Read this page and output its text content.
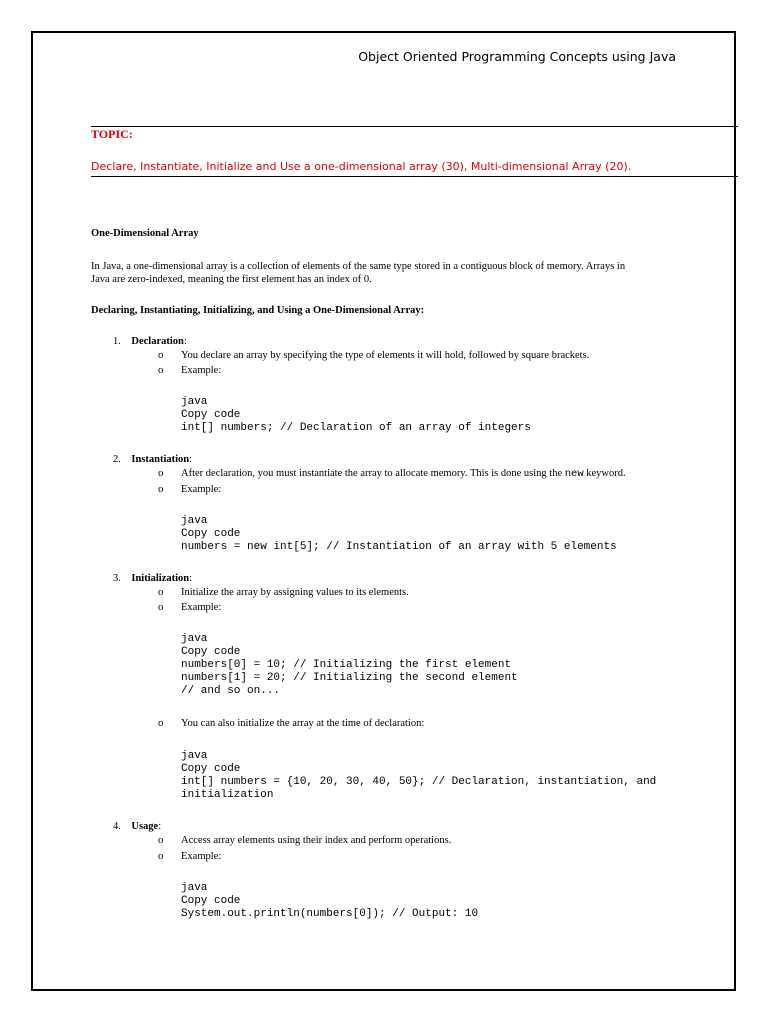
Object Oriented Programming Concepts using Java
TOPIC:
Declare, Instantiate, Initialize and Use a one-dimensional array (30), Multi-dimensional Array (20).
One-Dimensional Array
In Java, a one-dimensional array is a collection of elements of the same type stored in a contiguous block of memory. Arrays in
Java are zero-indexed, meaning the first element has an index of 0.
Declaring, Instantiating, Initializing, and Using a One-Dimensional Array:
1. Declaration:
o You declare an array by specifying the type of elements it will hold, followed by square brackets.
o Example:
java
Copy code
int[] numbers; // Declaration of an array of integers
2. Instantiation:
o After declaration, you must instantiate the array to allocate memory. This is done using the new keyword.
o Example:
java
Copy code
numbers = new int[5]; // Instantiation of an array with 5 elements
3. Initialization:
o Initialize the array by assigning values to its elements.
o Example:
java
Copy code
numbers[0] = 10; // Initializing the first element
numbers[1] = 20; // Initializing the second element
// and so on...
o You can also initialize the array at the time of declaration:
java
Copy code
int[] numbers = {10, 20, 30, 40, 50}; // Declaration, instantiation, and
initialization
4. Usage:
o Access array elements using their index and perform operations.
o Example:
java
Copy code
System.out.println(numbers[0]); // Output: 10
